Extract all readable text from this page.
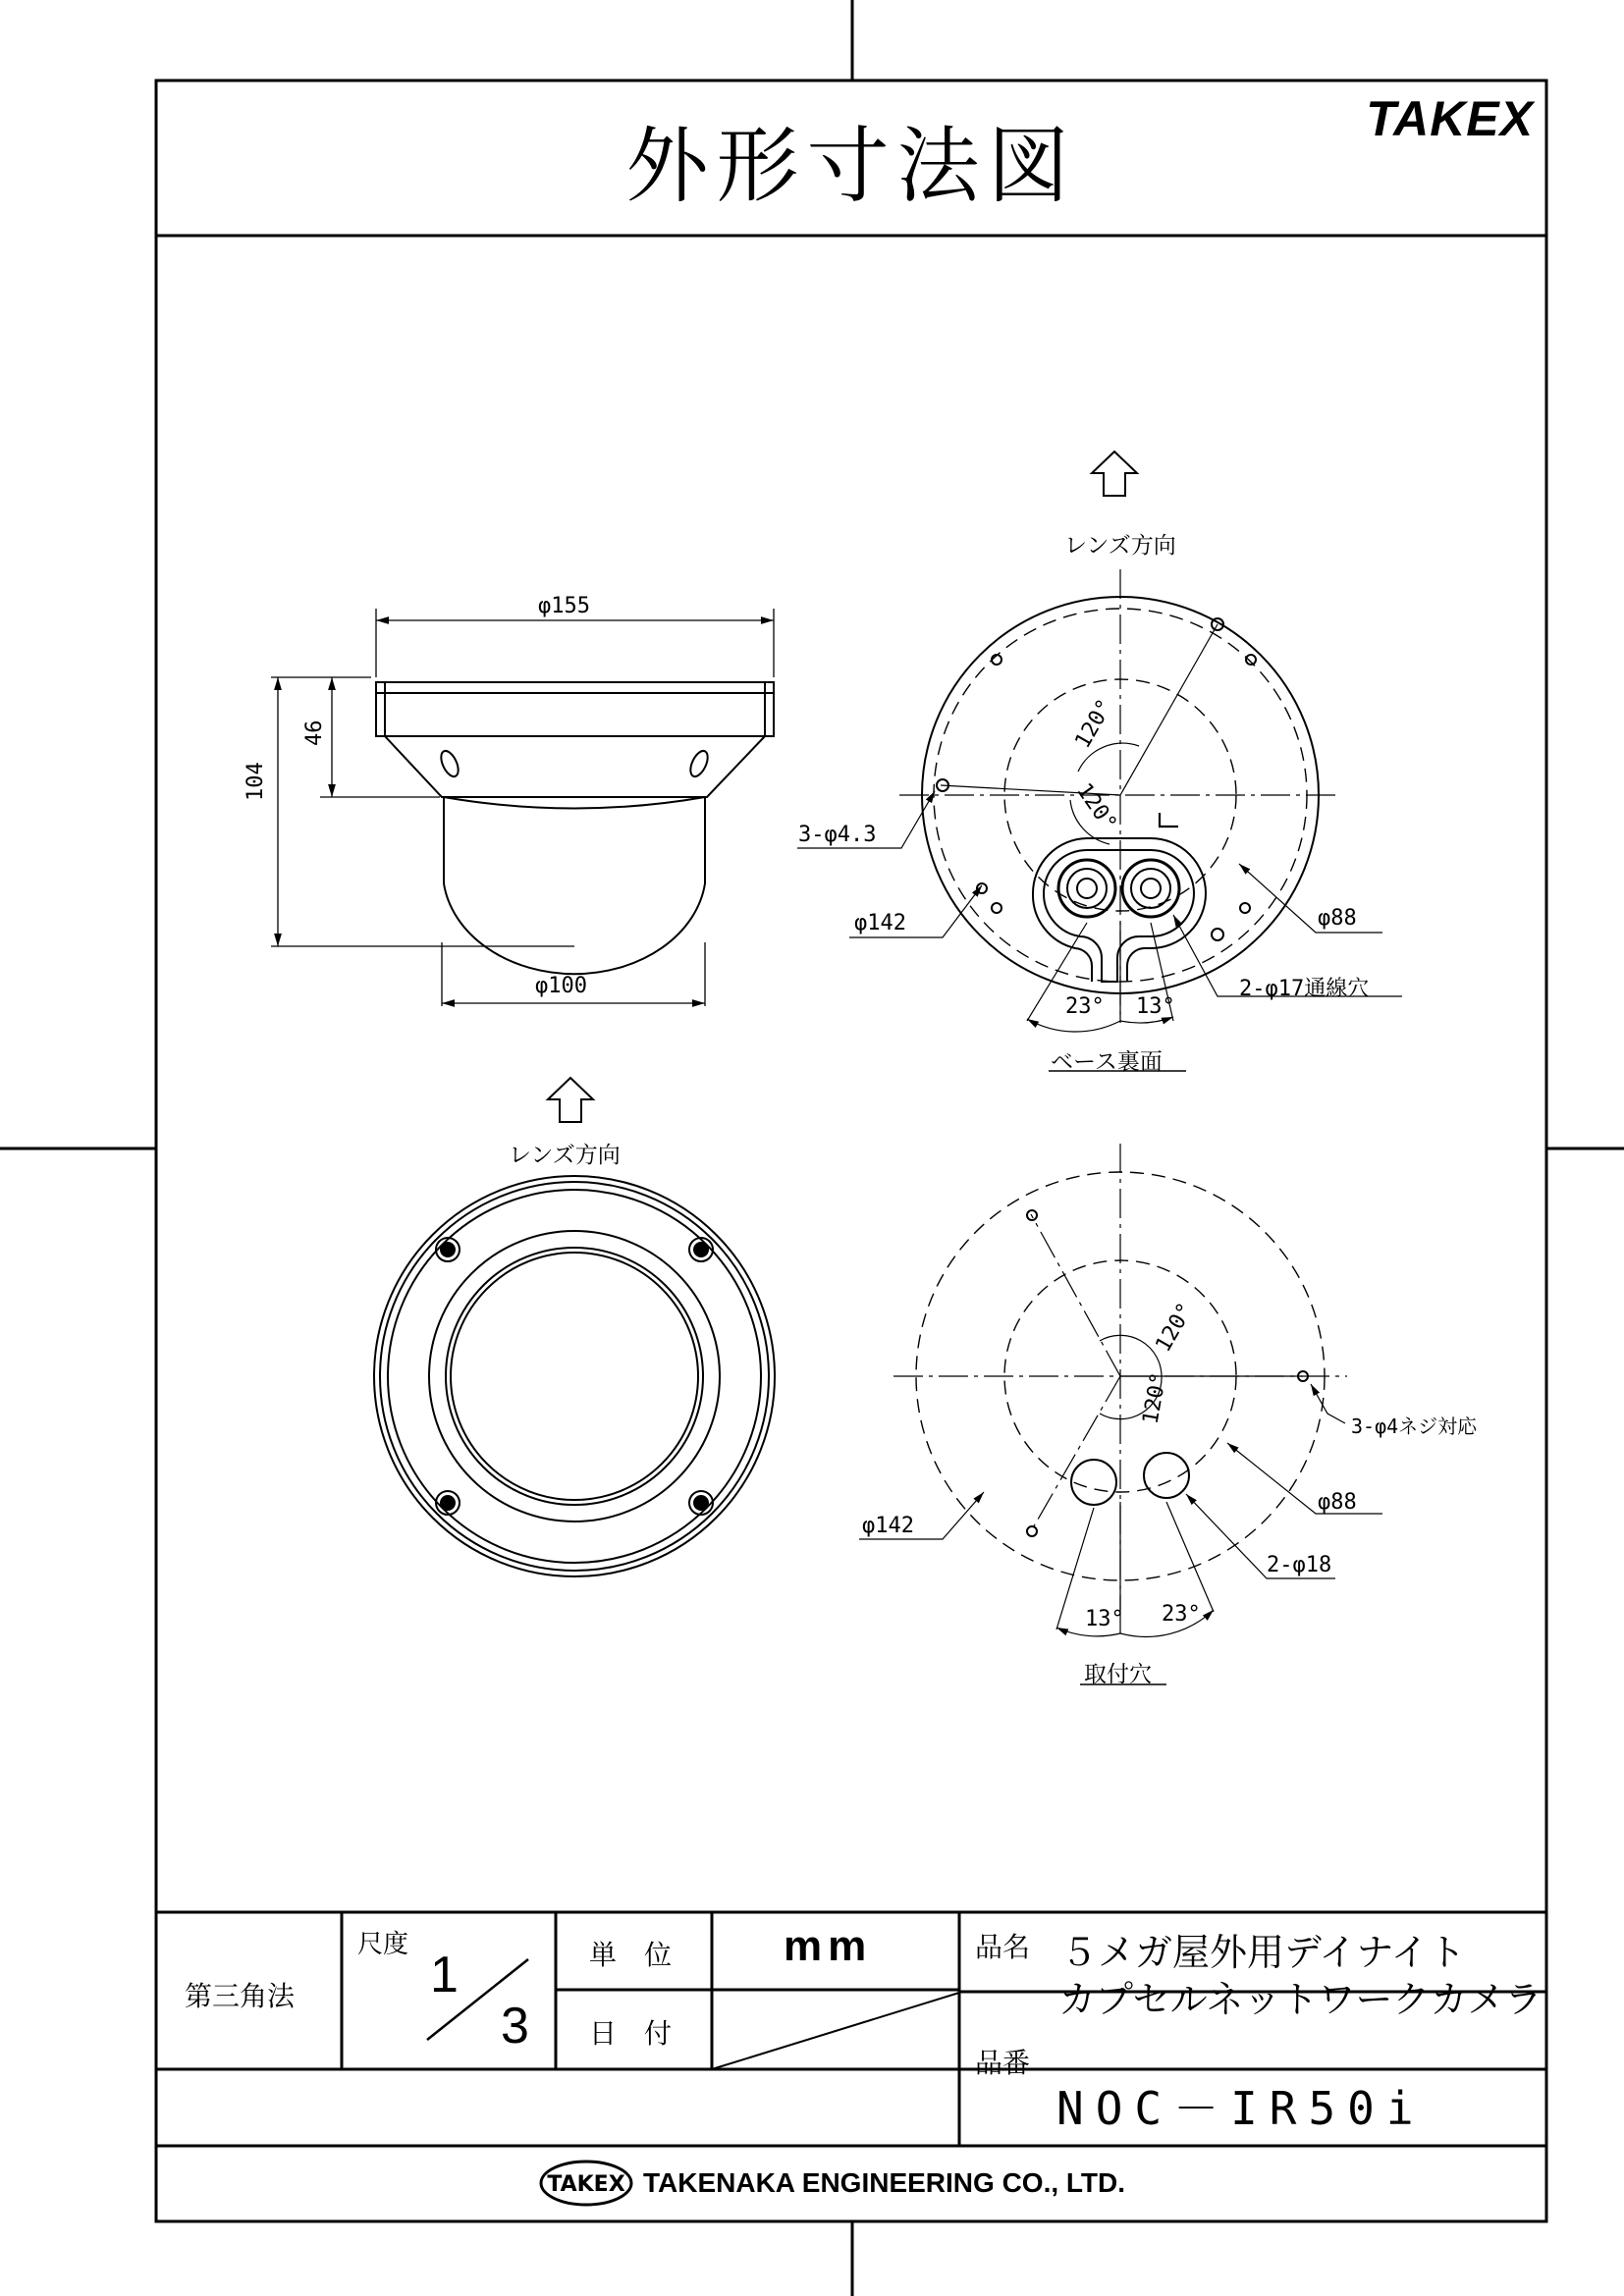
TAKEX
外形寸法図	TAKEX
φ155
φ100
104
46
レンズ方向
120°
120°
3-φ4.3
φ142	φ88
2-φ17通線穴
23° 13°
ベース裏面
レンズ方向
120°
120°
3-φ4ネジ対応
φ142
φ88
2-φ18
13° 23°
取付穴
第三角法
尺度
1
3
単　位	mm
日　付
品名 ５メガ屋外用デイナイト
カプセルネットワークカメラ
品番
NOC－IR50i
TAKENAKA ENGINEERING CO., LTD.
